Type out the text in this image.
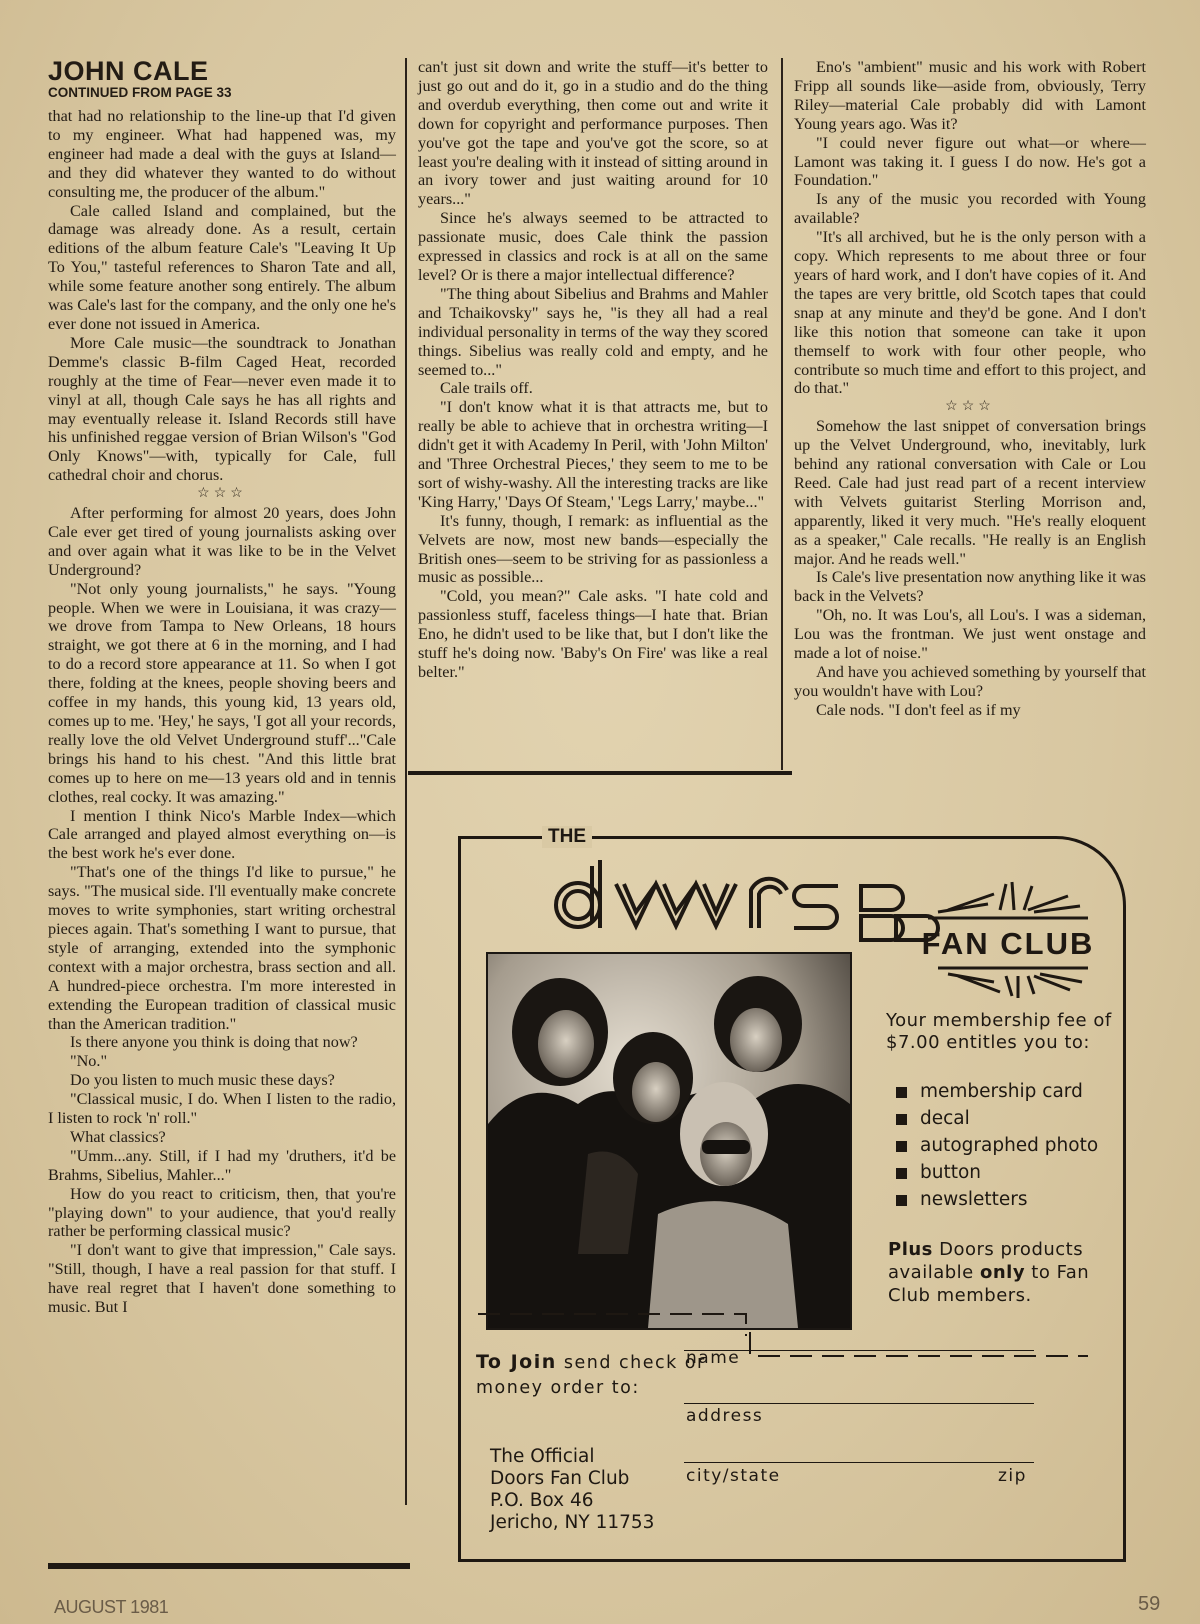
JOHN CALE
CONTINUED FROM PAGE 33

that had no relationship to the line-up that I'd given to my engineer. What had happened was, my engineer had made a deal with the guys at Island—and they did whatever they wanted to do without consulting me, the producer of the album."

Cale called Island and complained, but the damage was already done. As a result, certain editions of the album feature Cale's "Leaving It Up To You," tasteful references to Sharon Tate and all, while some feature another song entirely. The album was Cale's last for the company, and the only one he's ever done not issued in America.

More Cale music—the soundtrack to Jonathan Demme's classic B-film Caged Heat, recorded roughly at the time of Fear—never even made it to vinyl at all, though Cale says he has all rights and may eventually release it. Island Records still have his unfinished reggae version of Brian Wilson's "God Only Knows"—with, typically for Cale, full cathedral choir and chorus.

☆☆☆

After performing for almost 20 years, does John Cale ever get tired of young journalists asking over and over again what it was like to be in the Velvet Underground?

"Not only young journalists," he says. "Young people. When we were in Louisiana, it was crazy—we drove from Tampa to New Orleans, 18 hours straight, we got there at 6 in the morning, and I had to do a record store appearance at 11. So when I got there, folding at the knees, people shoving beers and coffee in my hands, this young kid, 13 years old, comes up to me. 'Hey,' he says, 'I got all your records, really love the old Velvet Underground stuff'..."Cale brings his hand to his chest. "And this little brat comes up to here on me—13 years old and in tennis clothes, real cocky. It was amazing."

I mention I think Nico's Marble Index—which Cale arranged and played almost everything on—is the best work he's ever done.

"That's one of the things I'd like to pursue," he says. "The musical side. I'll eventually make concrete moves to write symphonies, start writing orchestral pieces again. That's something I want to pursue, that style of arranging, extended into the symphonic context with a major orchestra, brass section and all. A hundred-piece orchestra. I'm more interested in extending the European tradition of classical music than the American tradition."

Is there anyone you think is doing that now?

"No."

Do you listen to much music these days?

"Classical music, I do. When I listen to the radio, I listen to rock 'n' roll."

What classics?

"Umm...any. Still, if I had my 'druthers, it'd be Brahms, Sibelius, Mahler..."

How do you react to criticism, then, that you're "playing down" to your audience, that you'd really rather be performing classical music?

"I don't want to give that impression," Cale says. "Still, though, I have a real passion for that stuff. I have real regret that I haven't done something to music. But I

can't just sit down and write the stuff—it's better to just go out and do it, go in a studio and do the thing and overdub everything, then come out and write it down for copyright and performance purposes. Then you've got the tape and you've got the score, so at least you're dealing with it instead of sitting around in an ivory tower and just waiting around for 10 years..."

Since he's always seemed to be attracted to passionate music, does Cale think the passion expressed in classics and rock is at all on the same level? Or is there a major intellectual difference?

"The thing about Sibelius and Brahms and Mahler and Tchaikovsky" says he, "is they all had a real individual personality in terms of the way they scored things. Sibelius was really cold and empty, and he seemed to..."

Cale trails off.

"I don't know what it is that attracts me, but to really be able to achieve that in orchestra writing—I didn't get it with Academy In Peril, with 'John Milton' and 'Three Orchestral Pieces,' they seem to me to be sort of wishy-washy. All the interesting tracks are like 'King Harry,' 'Days Of Steam,' 'Legs Larry,' maybe..."

It's funny, though, I remark: as influential as the Velvets are now, most new bands—especially the British ones—seem to be striving for as passionless a music as possible...

"Cold, you mean?" Cale asks. "I hate cold and passionless stuff, faceless things—I hate that. Brian Eno, he didn't used to be like that, but I don't like the stuff he's doing now. 'Baby's On Fire' was like a real belter."

Eno's "ambient" music and his work with Robert Fripp all sounds like—aside from, obviously, Terry Riley—material Cale probably did with Lamont Young years ago. Was it?

"I could never figure out what—or where—Lamont was taking it. I guess I do now. He's got a Foundation."

Is any of the music you recorded with Young available?

"It's all archived, but he is the only person with a copy. Which represents to me about three or four years of hard work, and I don't have copies of it. And the tapes are very brittle, old Scotch tapes that could snap at any minute and they'd be gone. And I don't like this notion that someone can take it upon themself to work with four other people, who contribute so much time and effort to this project, and do that."

☆☆☆

Somehow the last snippet of conversation brings up the Velvet Underground, who, inevitably, lurk behind any rational conversation with Cale or Lou Reed. Cale had just read part of a recent interview with Velvets guitarist Sterling Morrison and, apparently, liked it very much. "He's really eloquent as a speaker," Cale recalls. "He really is an English major. And he reads well."

Is Cale's live presentation now anything like it was back in the Velvets?

"Oh, no. It was Lou's, all Lou's. I was a sideman, Lou was the frontman. We just went onstage and made a lot of noise."

And have you achieved something by yourself that you wouldn't have with Lou?

Cale nods. "I don't feel as if my

THE
FAN CLUB
Your membership fee of $7.00 entitles you to:
membership card
decal
autographed photo
button
newsletters
Plus Doors products available only to Fan Club members.
To Join send check or money order to:
The Official
Doors Fan Club
P.O. Box 46
Jericho, NY 11753
name
address
city/state	zip
AUGUST 1981	59
